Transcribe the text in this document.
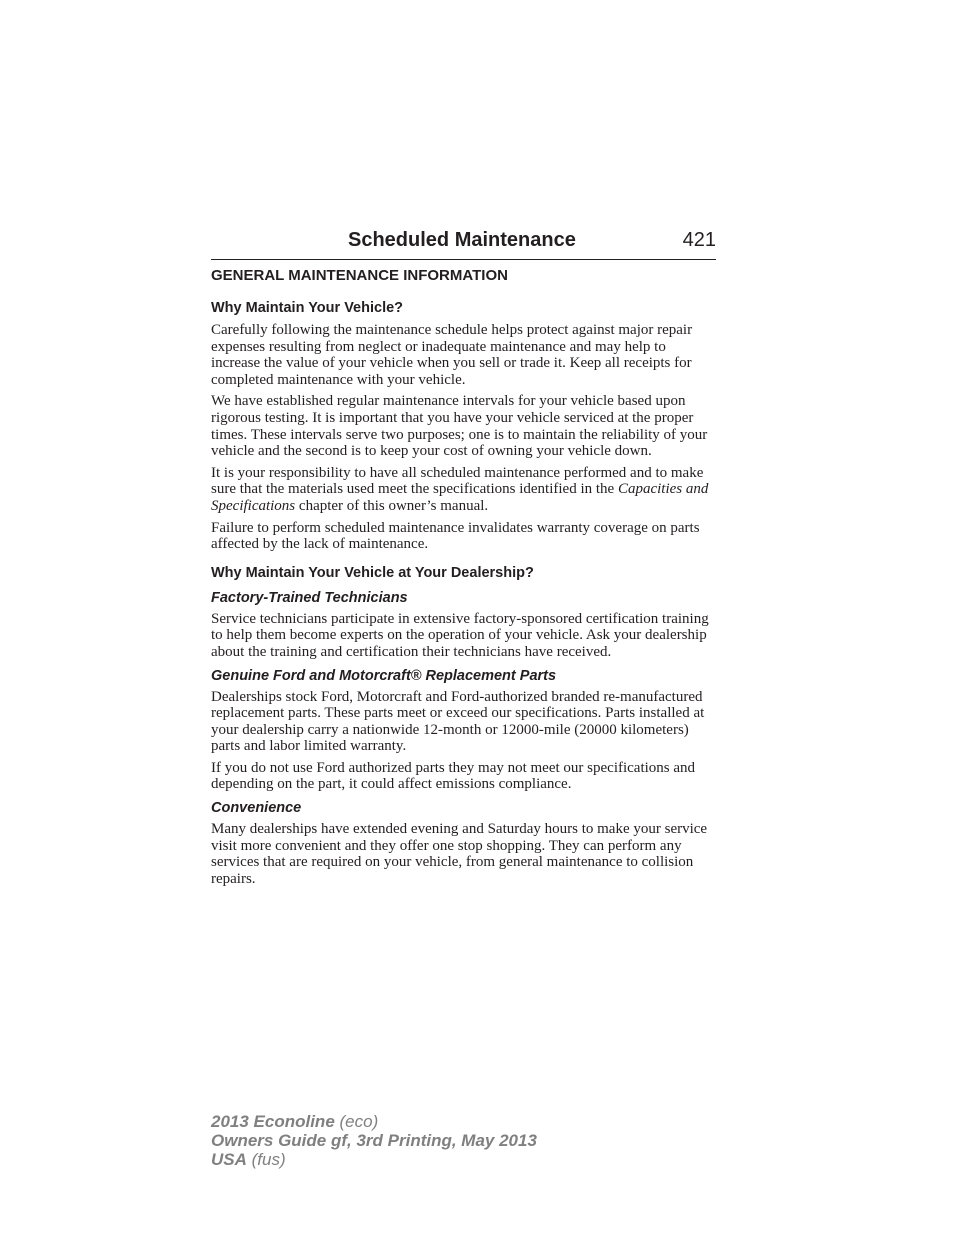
Scheduled Maintenance	421
GENERAL MAINTENANCE INFORMATION
Why Maintain Your Vehicle?

Carefully following the maintenance schedule helps protect against major repair expenses resulting from neglect or inadequate maintenance and may help to increase the value of your vehicle when you sell or trade it. Keep all receipts for completed maintenance with your vehicle.

We have established regular maintenance intervals for your vehicle based upon rigorous testing. It is important that you have your vehicle serviced at the proper times. These intervals serve two purposes; one is to maintain the reliability of your vehicle and the second is to keep your cost of owning your vehicle down.

It is your responsibility to have all scheduled maintenance performed and to make sure that the materials used meet the specifications identified in the Capacities and Specifications chapter of this owner’s manual.

Failure to perform scheduled maintenance invalidates warranty coverage on parts affected by the lack of maintenance.

Why Maintain Your Vehicle at Your Dealership?
Factory-Trained Technicians

Service technicians participate in extensive factory-sponsored certification training to help them become experts on the operation of your vehicle. Ask your dealership about the training and certification their technicians have received.

Genuine Ford and Motorcraft® Replacement Parts

Dealerships stock Ford, Motorcraft and Ford-authorized branded re-manufactured replacement parts. These parts meet or exceed our specifications. Parts installed at your dealership carry a nationwide 12-month or 12000-mile (20000 kilometers) parts and labor limited warranty.

If you do not use Ford authorized parts they may not meet our specifications and depending on the part, it could affect emissions compliance.

Convenience

Many dealerships have extended evening and Saturday hours to make your service visit more convenient and they offer one stop shopping. They can perform any services that are required on your vehicle, from general maintenance to collision repairs.

2013 Econoline (eco)
Owners Guide gf, 3rd Printing, May 2013
USA (fus)
